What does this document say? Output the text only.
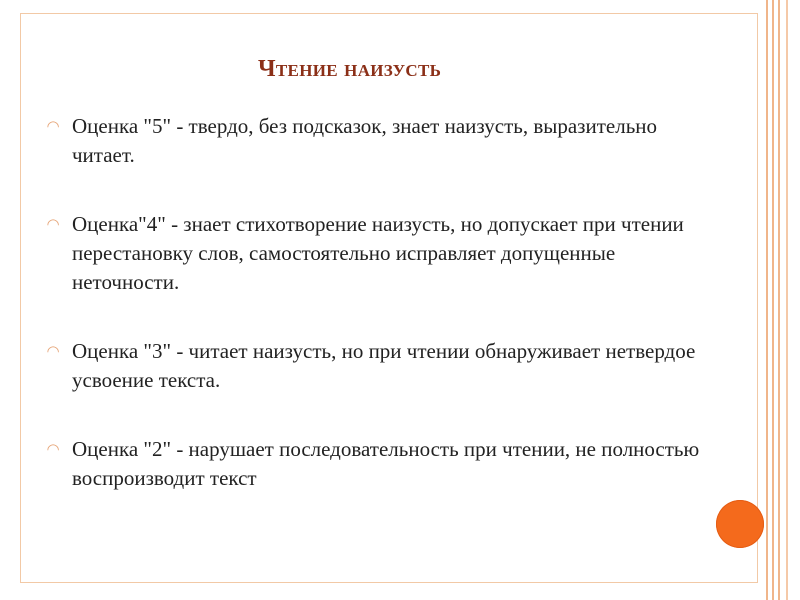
Чтение наизусть
◠ Оценка "5" - твердо, без подсказок, знает наизусть, выразительно читает.
◠ Оценка"4" - знает стихотворение наизусть, но допускает при чтении перестановку слов, самостоятельно исправляет допущенные неточности.
◠ Оценка "3" - читает наизусть, но при чтении обнаруживает нетвердое усвоение текста.
◠ Оценка "2" - нарушает последовательность при чтении, не полностью воспроизводит текст
